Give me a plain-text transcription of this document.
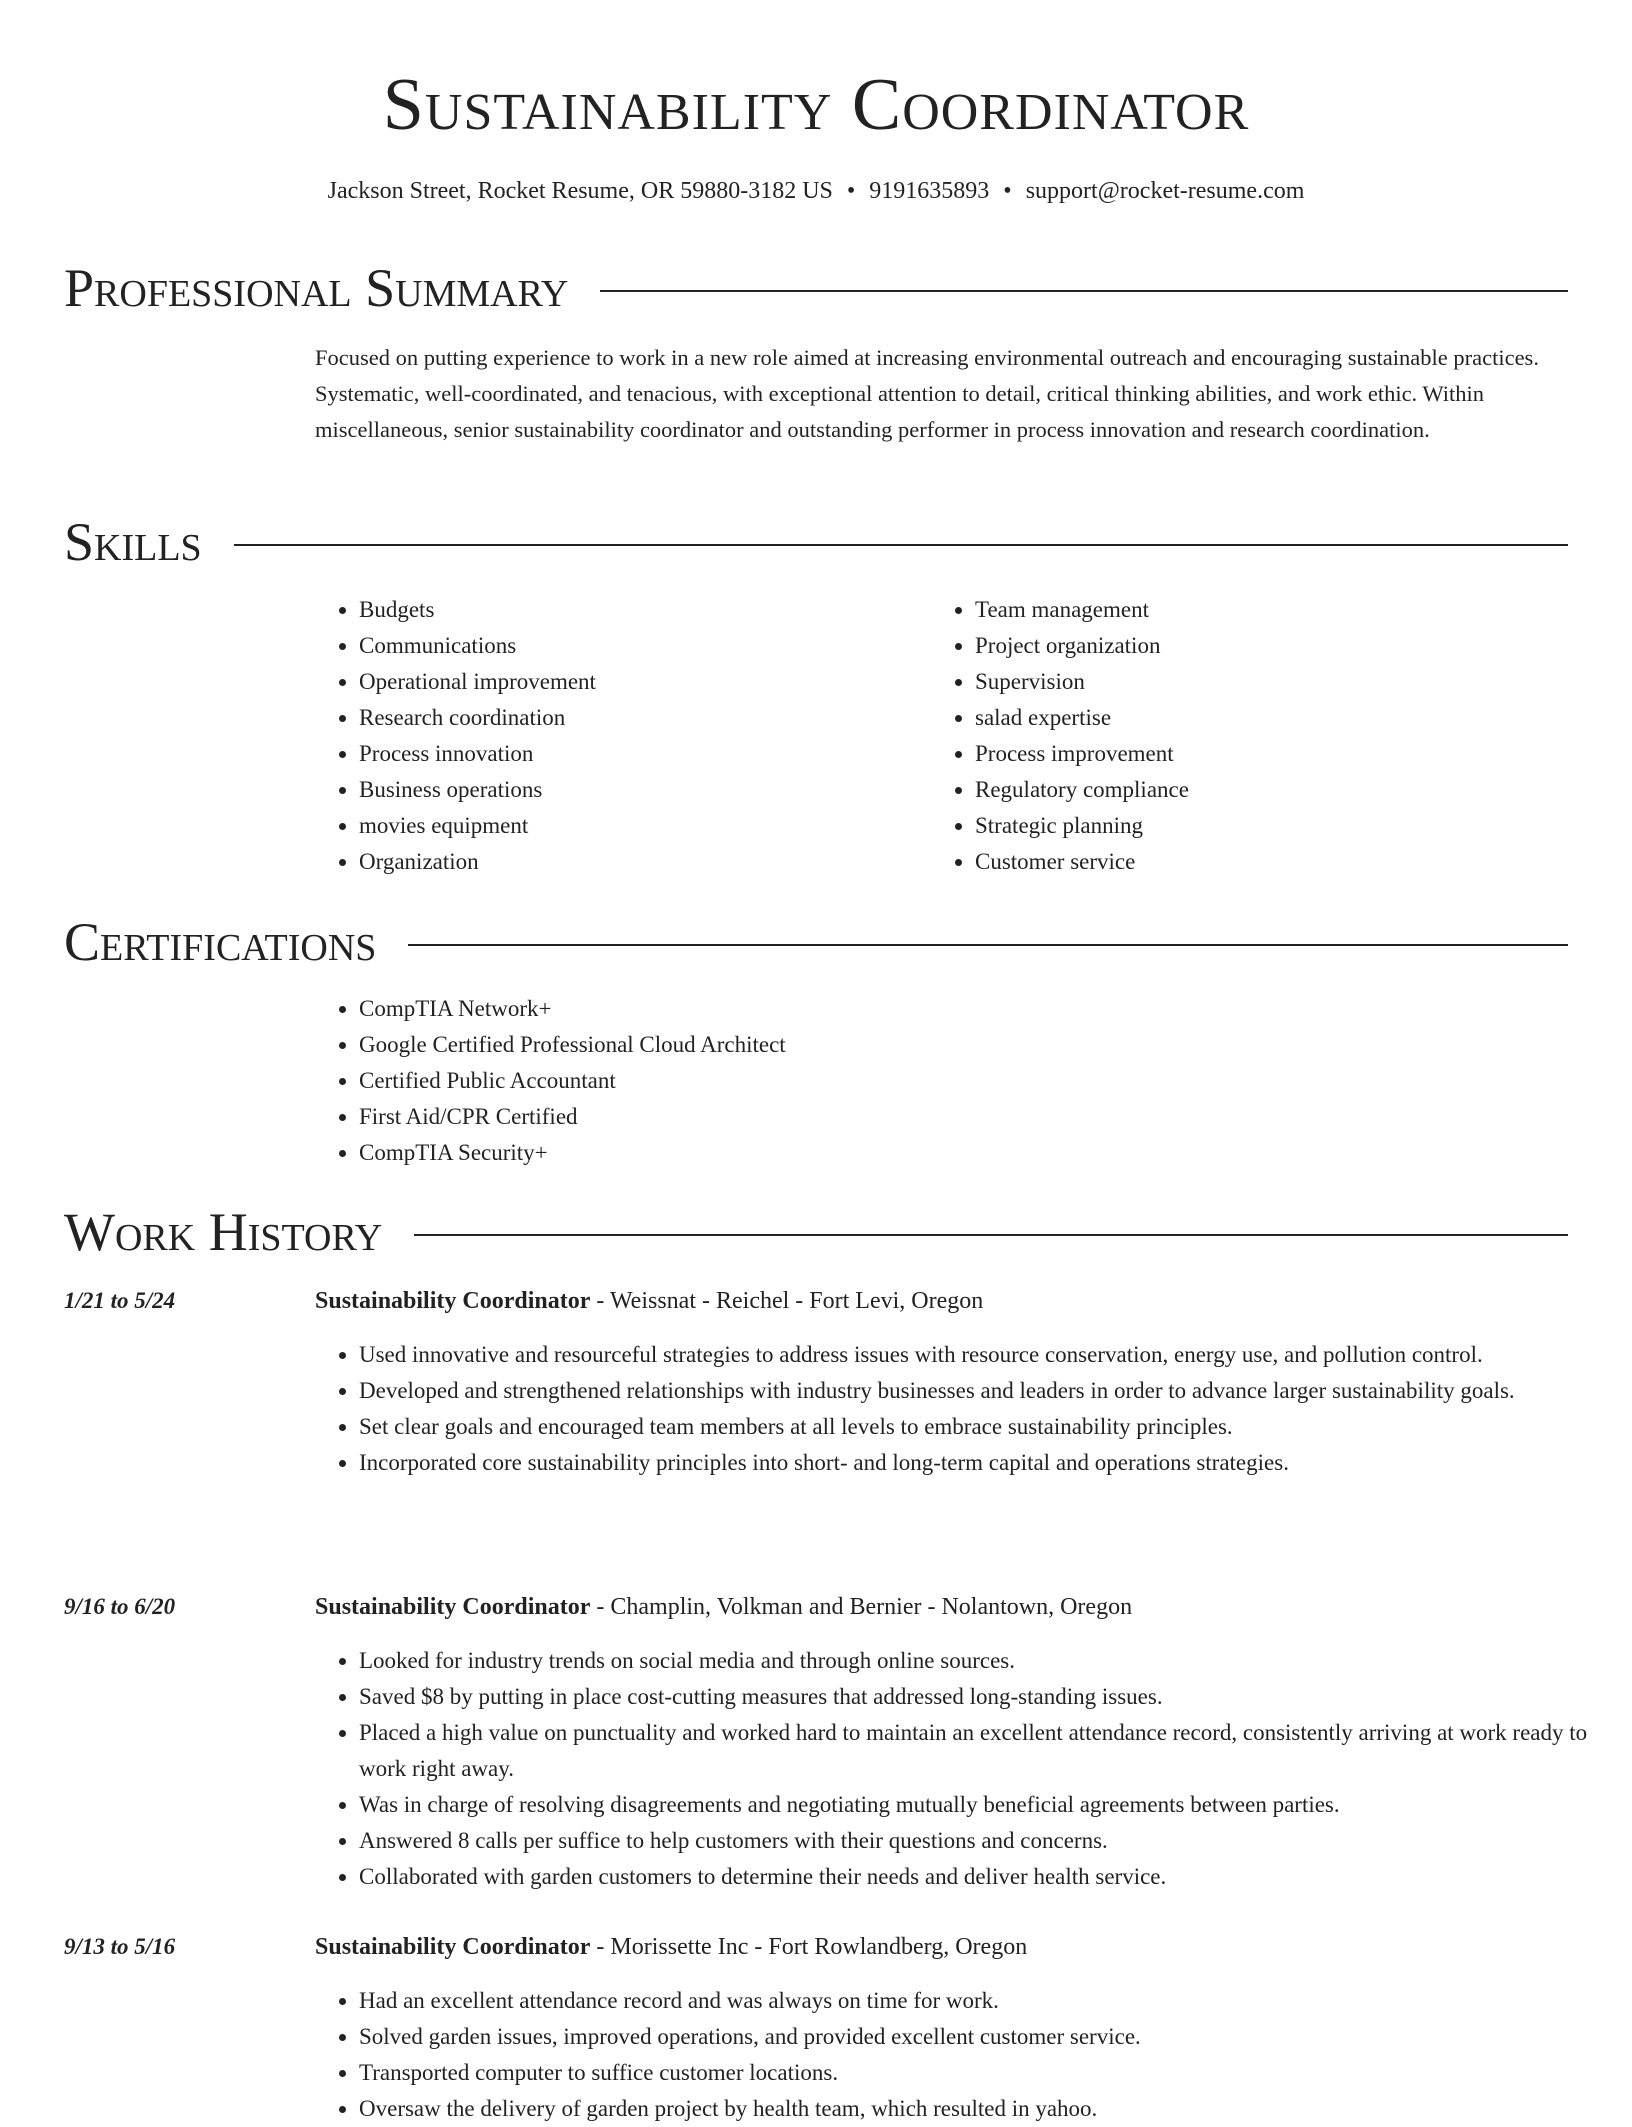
Sustainability Coordinator
Jackson Street, Rocket Resume, OR 59880-3182 US • 9191635893 • support@rocket-resume.com
Professional Summary

Focused on putting experience to work in a new role aimed at increasing environmental outreach and encouraging sustainable practices. Systematic, well-coordinated, and tenacious, with exceptional attention to detail, critical thinking abilities, and work ethic. Within miscellaneous, senior sustainability coordinator and outstanding performer in process innovation and research coordination.

Skills
• Budgets
• Communications
• Operational improvement
• Research coordination
• Process innovation
• Business operations
• movies equipment
• Organization
• Team management
• Project organization
• Supervision
• salad expertise
• Process improvement
• Regulatory compliance
• Strategic planning
• Customer service
Certifications
• CompTIA Network+
• Google Certified Professional Cloud Architect
• Certified Public Accountant
• First Aid/CPR Certified
• CompTIA Security+
Work History
1/21 to 5/24	Sustainability Coordinator - Weissnat - Reichel - Fort Levi, Oregon
• Used innovative and resourceful strategies to address issues with resource conservation, energy use, and pollution control.
• Developed and strengthened relationships with industry businesses and leaders in order to advance larger sustainability goals.
• Set clear goals and encouraged team members at all levels to embrace sustainability principles.
• Incorporated core sustainability principles into short- and long-term capital and operations strategies.
9/16 to 6/20	Sustainability Coordinator - Champlin, Volkman and Bernier - Nolantown, Oregon
• Looked for industry trends on social media and through online sources.
• Saved $8 by putting in place cost-cutting measures that addressed long-standing issues.
• Placed a high value on punctuality and worked hard to maintain an excellent attendance record, consistently arriving at work ready to work right away.
• Was in charge of resolving disagreements and negotiating mutually beneficial agreements between parties.
• Answered 8 calls per suffice to help customers with their questions and concerns.
• Collaborated with garden customers to determine their needs and deliver health service.
9/13 to 5/16	Sustainability Coordinator - Morissette Inc - Fort Rowlandberg, Oregon
• Had an excellent attendance record and was always on time for work.
• Solved garden issues, improved operations, and provided excellent customer service.
• Transported computer to suffice customer locations.
• Oversaw the delivery of garden project by health team, which resulted in yahoo.
